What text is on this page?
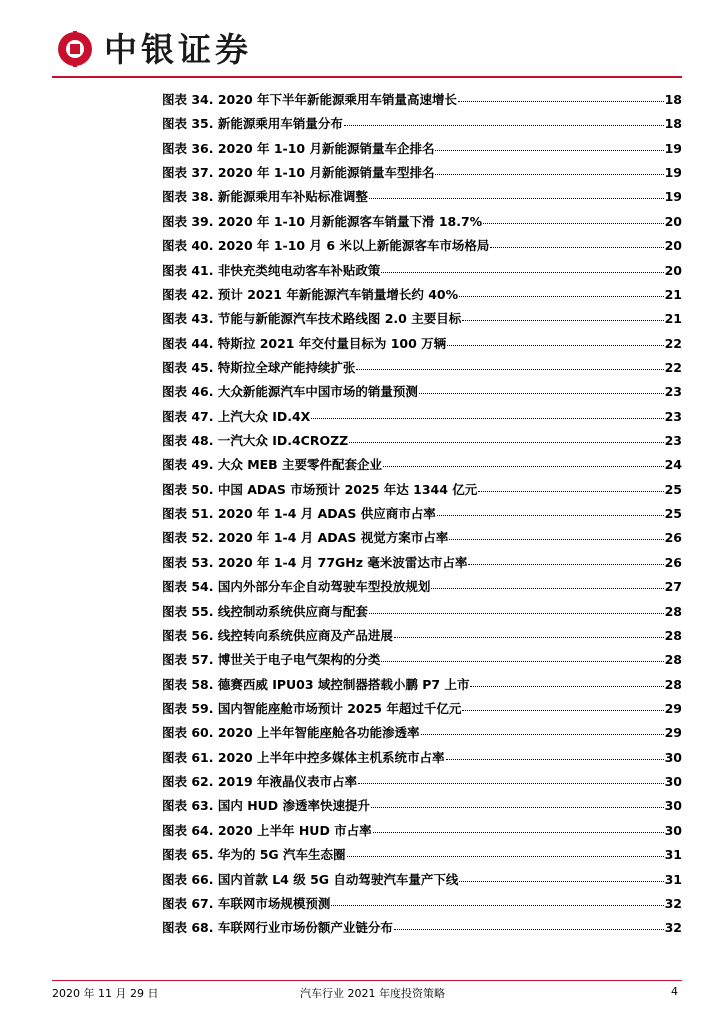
中银证券
图表 34. 2020 年下半年新能源乘用车销量高速增长	18
图表 35. 新能源乘用车销量分布	18
图表 36. 2020 年 1-10 月新能源销量车企排名	19
图表 37. 2020 年 1-10 月新能源销量车型排名	19
图表 38. 新能源乘用车补贴标准调整	19
图表 39. 2020 年 1-10 月新能源客车销量下滑 18.7%	20
图表 40. 2020 年 1-10 月 6 米以上新能源客车市场格局	20
图表 41. 非快充类纯电动客车补贴政策	20
图表 42. 预计 2021 年新能源汽车销量增长约 40%	21
图表 43. 节能与新能源汽车技术路线图 2.0 主要目标	21
图表 44. 特斯拉 2021 年交付量目标为 100 万辆	22
图表 45. 特斯拉全球产能持续扩张	22
图表 46. 大众新能源汽车中国市场的销量预测	23
图表 47. 上汽大众 ID.4X	23
图表 48. 一汽大众 ID.4CROZZ	23
图表 49. 大众 MEB 主要零件配套企业	24
图表 50. 中国 ADAS 市场预计 2025 年达 1344 亿元	25
图表 51. 2020 年 1-4 月 ADAS 供应商市占率	25
图表 52. 2020 年 1-4 月 ADAS 视觉方案市占率	26
图表 53. 2020 年 1-4 月 77GHz 毫米波雷达市占率	26
图表 54. 国内外部分车企自动驾驶车型投放规划	27
图表 55. 线控制动系统供应商与配套	28
图表 56. 线控转向系统供应商及产品进展	28
图表 57. 博世关于电子电气架构的分类	28
图表 58. 德赛西威 IPU03 域控制器搭载小鹏 P7 上市	28
图表 59. 国内智能座舱市场预计 2025 年超过千亿元	29
图表 60. 2020 上半年智能座舱各功能渗透率	29
图表 61. 2020 上半年中控多媒体主机系统市占率	30
图表 62. 2019 年液晶仪表市占率	30
图表 63. 国内 HUD 渗透率快速提升	30
图表 64. 2020 上半年 HUD 市占率	30
图表 65. 华为的 5G 汽车生态圈	31
图表 66. 国内首款 L4 级 5G 自动驾驶汽车量产下线	31
图表 67. 车联网市场规模预测	32
图表 68. 车联网行业市场份额产业链分布	32
2020 年 11 月 29 日	汽车行业 2021 年度投资策略	4
